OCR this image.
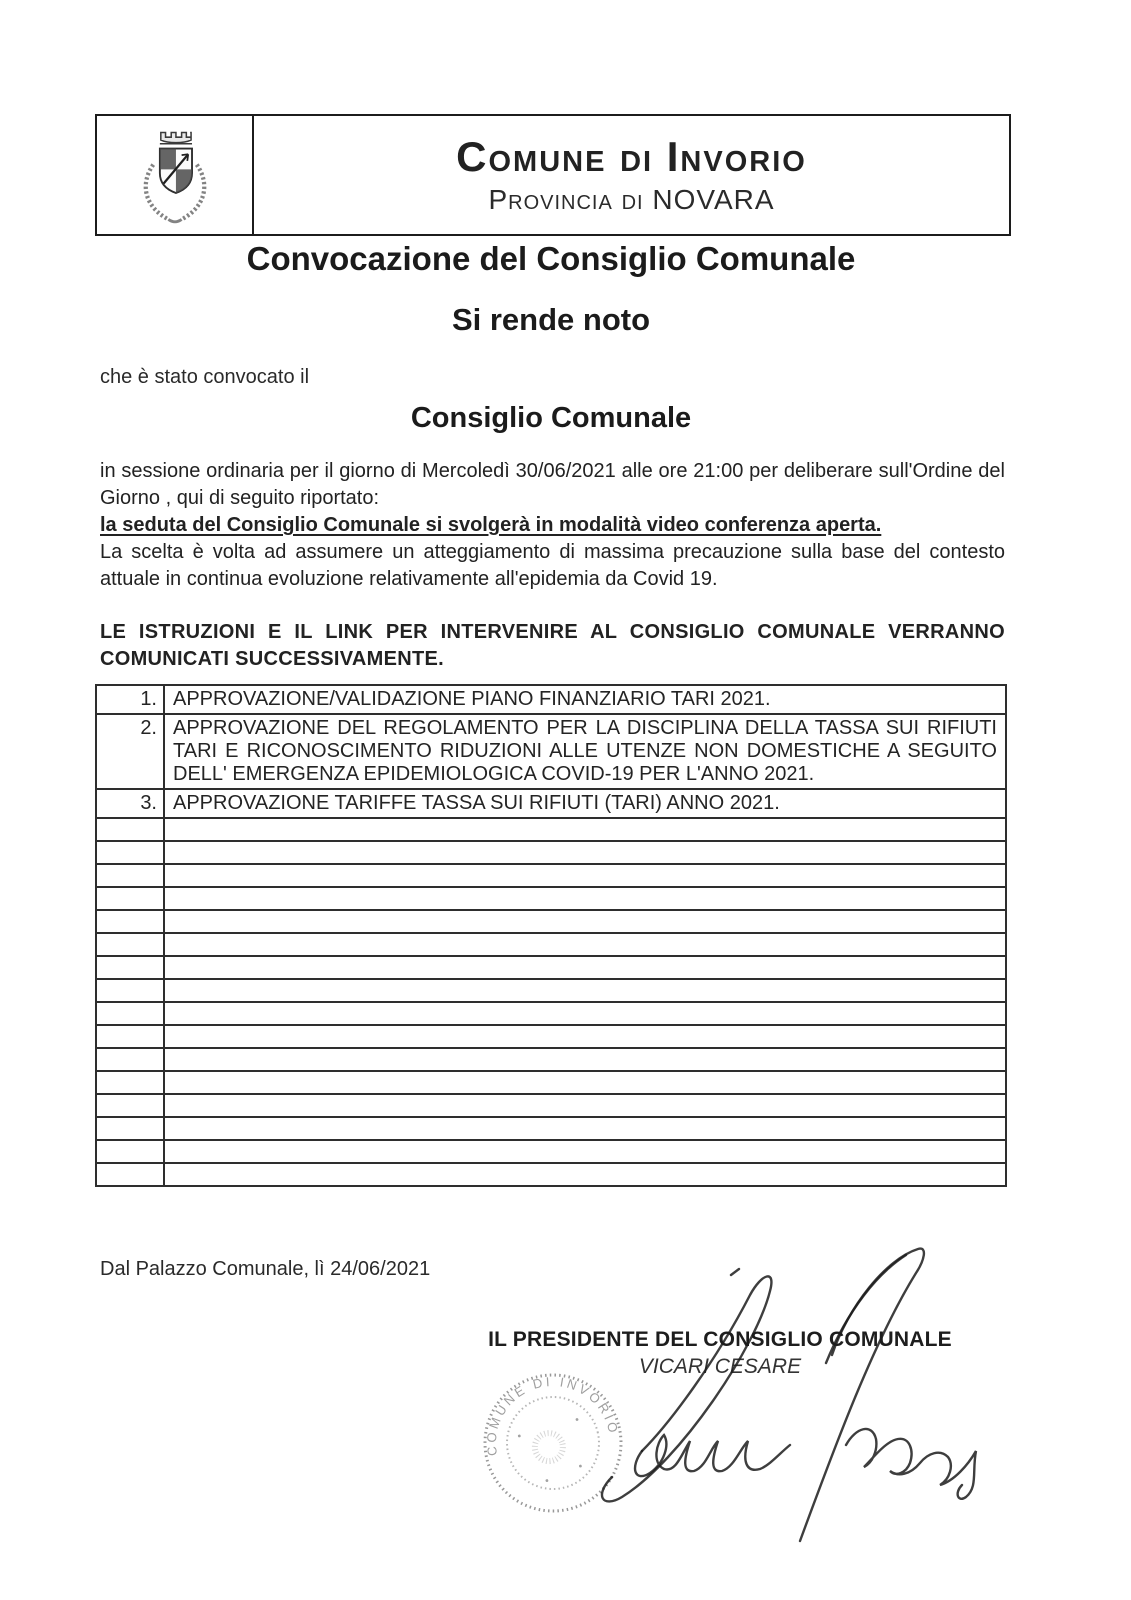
Comune di Invorio
Provincia di NOVARA
Convocazione del Consiglio Comunale
Si rende noto

che è stato convocato il

Consiglio Comunale

in sessione ordinaria per il giorno di Mercoledì 30/06/2021 alle ore 21:00 per deliberare sull'Ordine del Giorno , qui di seguito riportato:

la seduta del Consiglio Comunale si svolgerà in modalità video conferenza aperta.

La scelta è volta ad assumere un atteggiamento di massima precauzione sulla base del contesto attuale in continua evoluzione relativamente all'epidemia da Covid 19.

LE ISTRUZIONI E IL LINK PER INTERVENIRE AL CONSIGLIO COMUNALE VERRANNO COMUNICATI SUCCESSIVAMENTE.

1.	APPROVAZIONE/VALIDAZIONE PIANO FINANZIARIO TARI 2021.
2.	APPROVAZIONE DEL REGOLAMENTO PER LA DISCIPLINA DELLA TASSA SUI RIFIUTI TARI E RICONOSCIMENTO RIDUZIONI ALLE UTENZE NON DOMESTICHE A SEGUITO DELL' EMERGENZA EPIDEMIOLOGICA COVID-19 PER L'ANNO 2021.
3.	APPROVAZIONE TARIFFE TASSA SUI RIFIUTI (TARI) ANNO 2021.

Dal Palazzo Comunale, lì 24/06/2021

IL PRESIDENTE DEL CONSIGLIO COMUNALE
VICARI CESARE
COMUNE DI INVORIO
